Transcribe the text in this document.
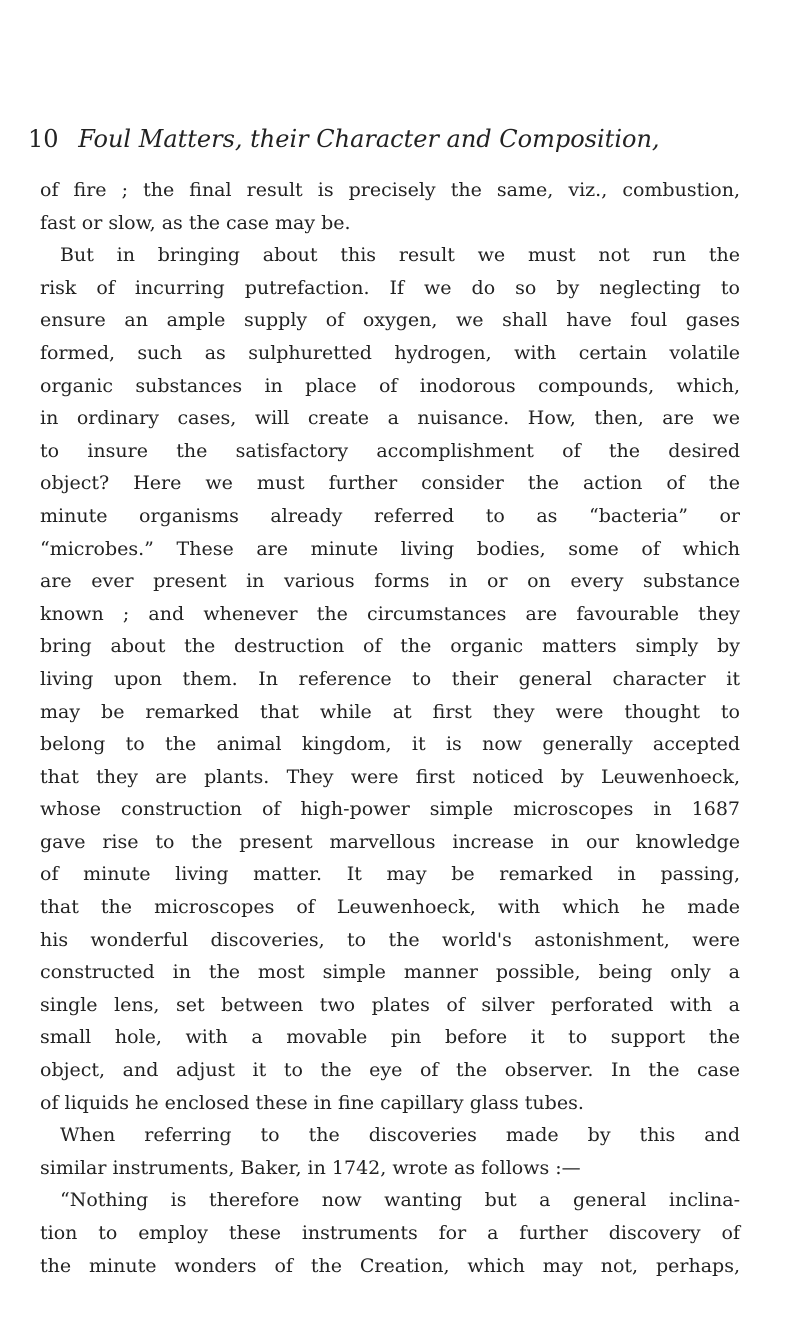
10 Foul Matters, their Character and Composition,
of fire ; the final result is precisely the same, viz., combustion,
fast or slow, as the case may be.
But in bringing about this result we must not run the
risk of incurring putrefaction. If we do so by neglecting to
ensure an ample supply of oxygen, we shall have foul gases
formed, such as sulphuretted hydrogen, with certain volatile
organic substances in place of inodorous compounds, which,
in ordinary cases, will create a nuisance. How, then, are we
to insure the satisfactory accomplishment of the desired
object? Here we must further consider the action of the
minute organisms already referred to as “bacteria” or
“microbes.” These are minute living bodies, some of which
are ever present in various forms in or on every substance
known ; and whenever the circumstances are favourable they
bring about the destruction of the organic matters simply by
living upon them. In reference to their general character it
may be remarked that while at first they were thought to
belong to the animal kingdom, it is now generally accepted
that they are plants. They were first noticed by Leuwenhoeck,
whose construction of high-power simple microscopes in 1687
gave rise to the present marvellous increase in our knowledge
of minute living matter. It may be remarked in passing,
that the microscopes of Leuwenhoeck, with which he made
his wonderful discoveries, to the world's astonishment, were
constructed in the most simple manner possible, being only a
single lens, set between two plates of silver perforated with a
small hole, with a movable pin before it to support the
object, and adjust it to the eye of the observer. In the case
of liquids he enclosed these in fine capillary glass tubes.
When referring to the discoveries made by this and
similar instruments, Baker, in 1742, wrote as follows :—
“Nothing is therefore now wanting but a general inclina-
tion to employ these instruments for a further discovery of
the minute wonders of the Creation, which may not, perhaps,
